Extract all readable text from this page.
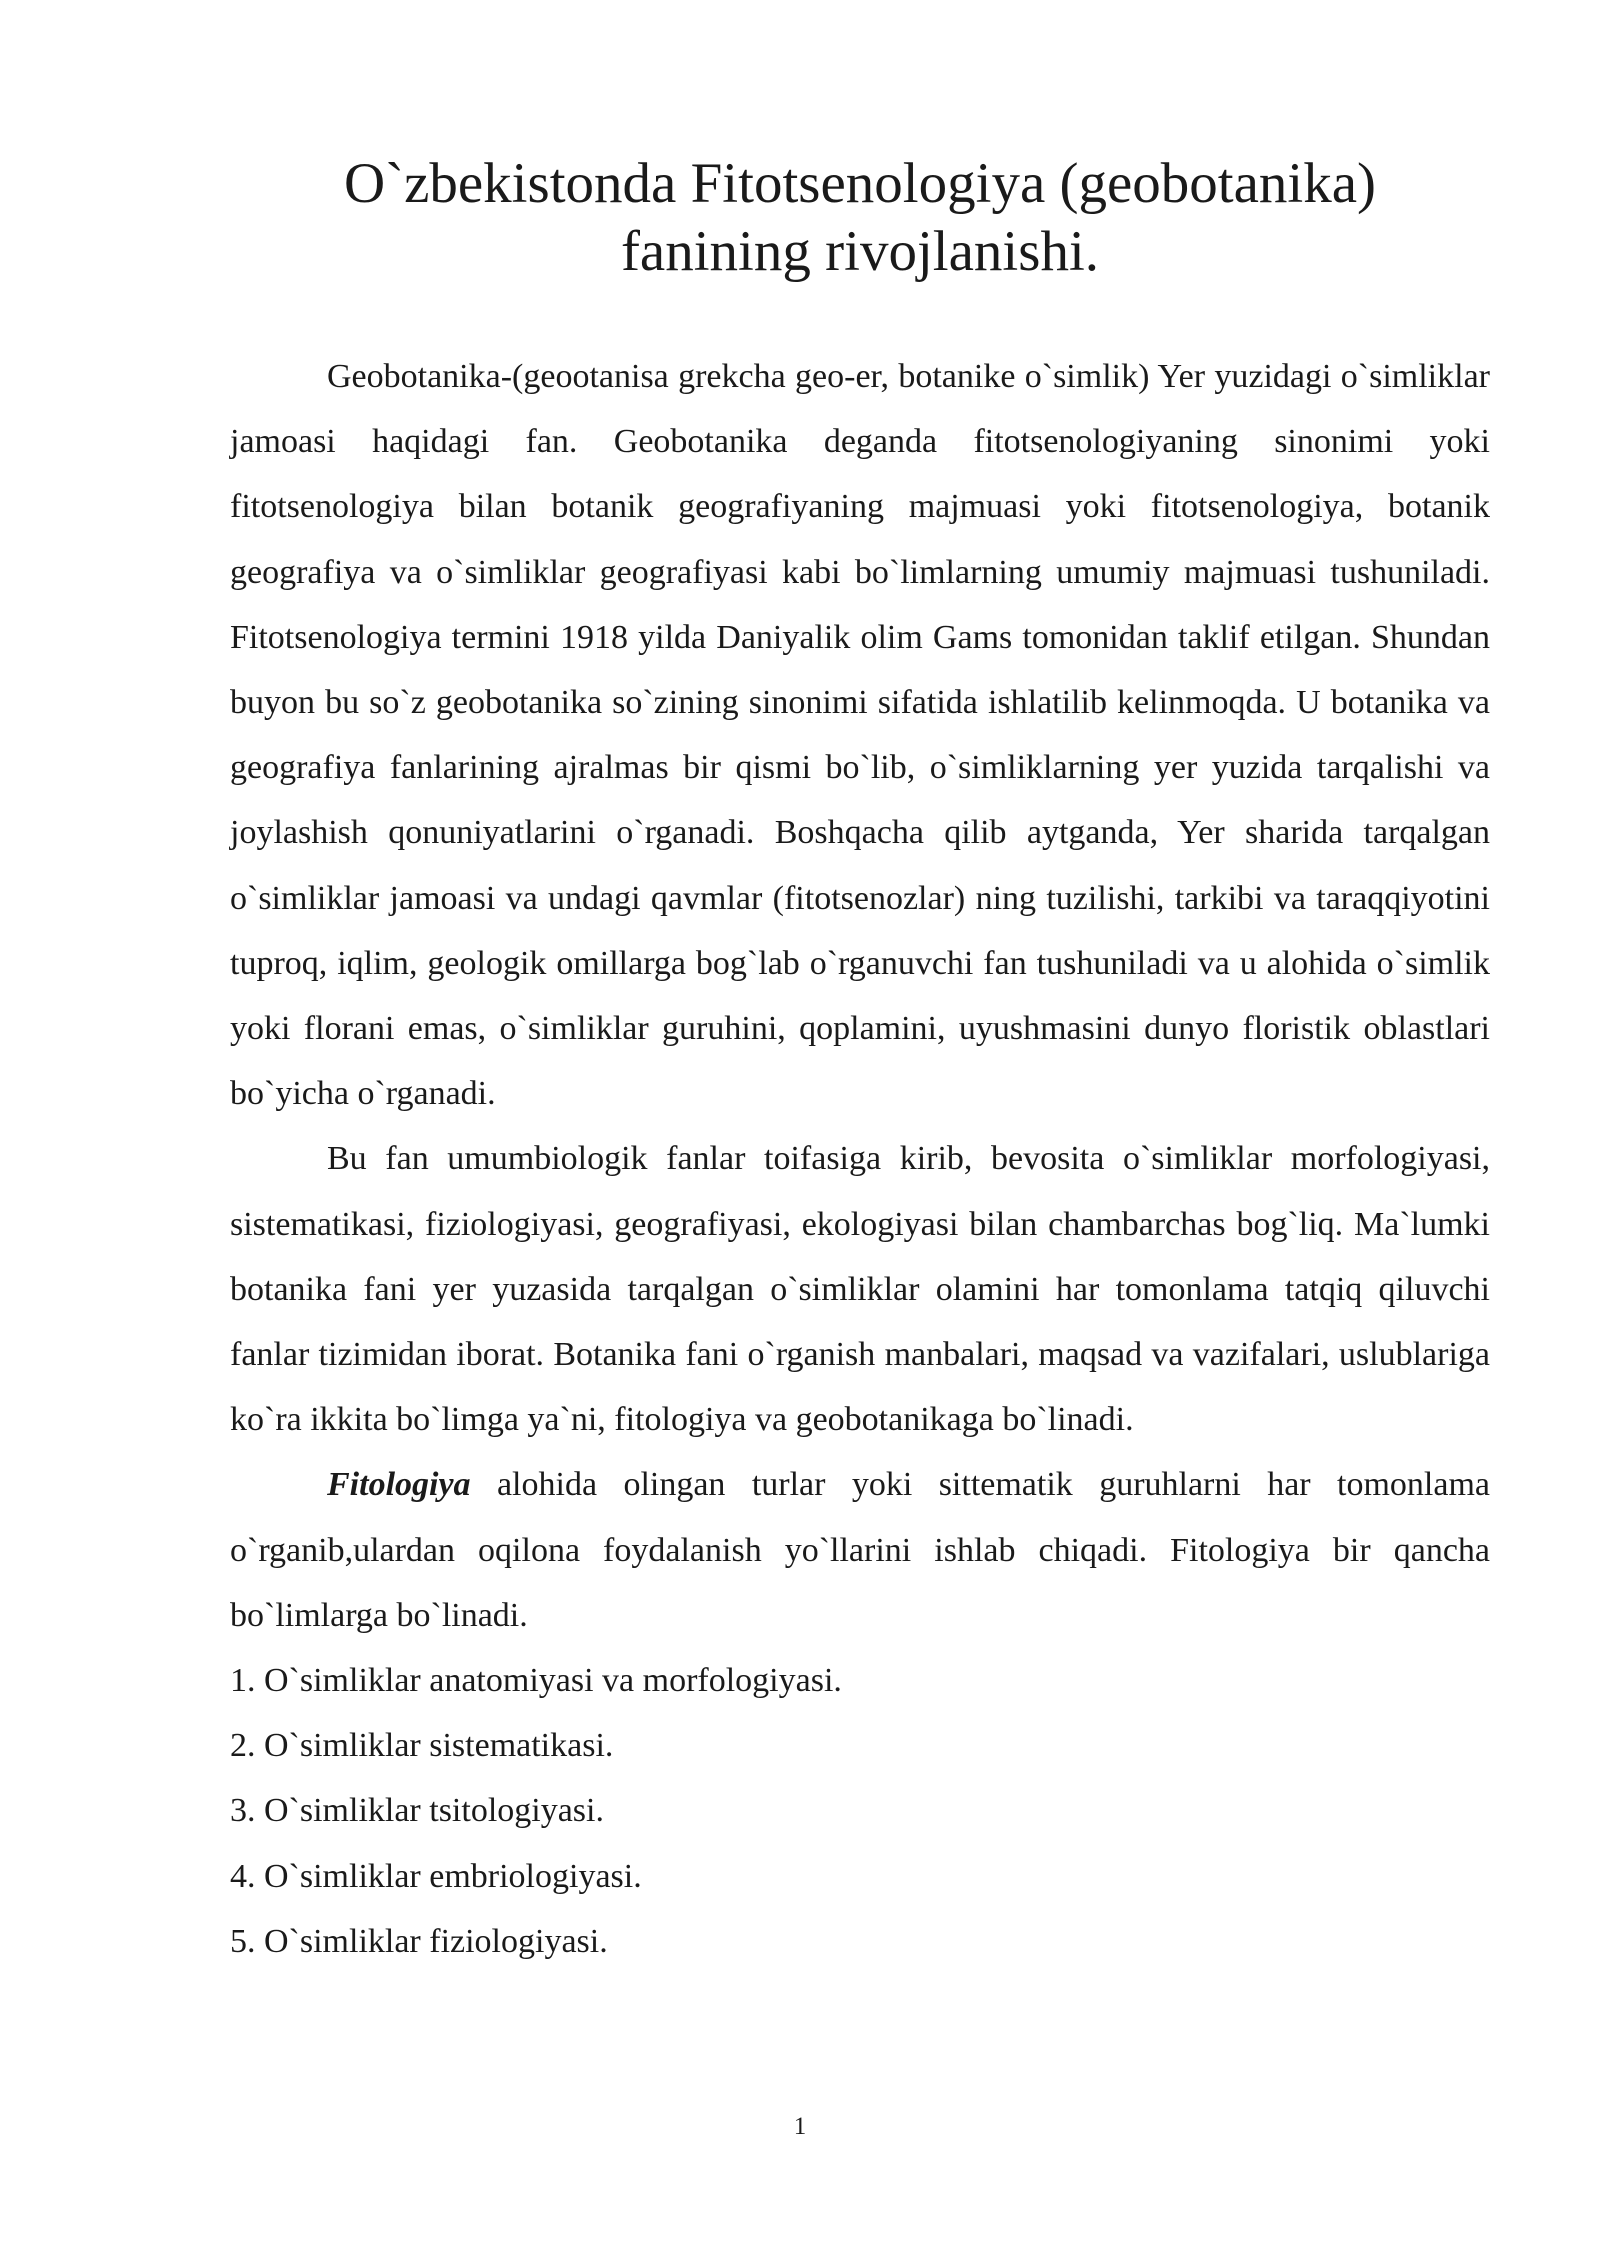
O`zbekistonda Fitotsenologiya (geobotanika)
fanining rivojlanishi.

Geobotanika-(geootanisa grekcha geo-er, botanike o`simlik) Yer yuzidagi o`simliklar jamoasi haqidagi fan. Geobotanika deganda fitotsenologiyaning sinonimi yoki fitotsenologiya bilan botanik geografiyaning majmuasi yoki fitotsenologiya, botanik geografiya va o`simliklar geografiyasi kabi bo`limlarning umumiy majmuasi tushuniladi. Fitotsenologiya termini 1918 yilda Daniyalik olim Gams tomonidan taklif etilgan. Shundan buyon bu so`z geobotanika so`zining sinonimi sifatida ishlatilib kelinmoqda. U botanika va geografiya fanlarining ajralmas bir qismi bo`lib, o`simliklarning yer yuzida tarqalishi va joylashish qonuniyatlarini o`rganadi. Boshqacha qilib aytganda, Yer sharida tarqalgan o`simliklar jamoasi va undagi qavmlar (fitotsenozlar) ning tuzilishi, tarkibi va taraqqiyotini tuproq, iqlim, geologik omillarga bog`lab o`rganuvchi fan tushuniladi va u alohida o`simlik yoki florani emas, o`simliklar guruhini, qoplamini, uyushmasini dunyo floristik oblastlari bo`yicha o`rganadi.

Bu fan umumbiologik fanlar toifasiga kirib, bevosita o`simliklar morfologiyasi, sistematikasi, fiziologiyasi, geografiyasi, ekologiyasi bilan chambarchas bog`liq. Ma`lumki botanika fani yer yuzasida tarqalgan o`simliklar olamini har tomonlama tatqiq qiluvchi fanlar tizimidan iborat. Botanika fani o`rganish manbalari, maqsad va vazifalari, uslublariga ko`ra ikkita bo`limga ya`ni, fitologiya va geobotanikaga bo`linadi.

Fitologiya alohida olingan turlar yoki sittematik guruhlarni har tomonlama o`rganib,ulardan oqilona foydalanish yo`llarini ishlab chiqadi. Fitologiya bir qancha bo`limlarga bo`linadi.

1. O`simliklar anatomiyasi va morfologiyasi.
2. O`simliklar sistematikasi.
3. O`simliklar tsitologiyasi.
4. O`simliklar embriologiyasi.
5. O`simliklar fiziologiyasi.
1
